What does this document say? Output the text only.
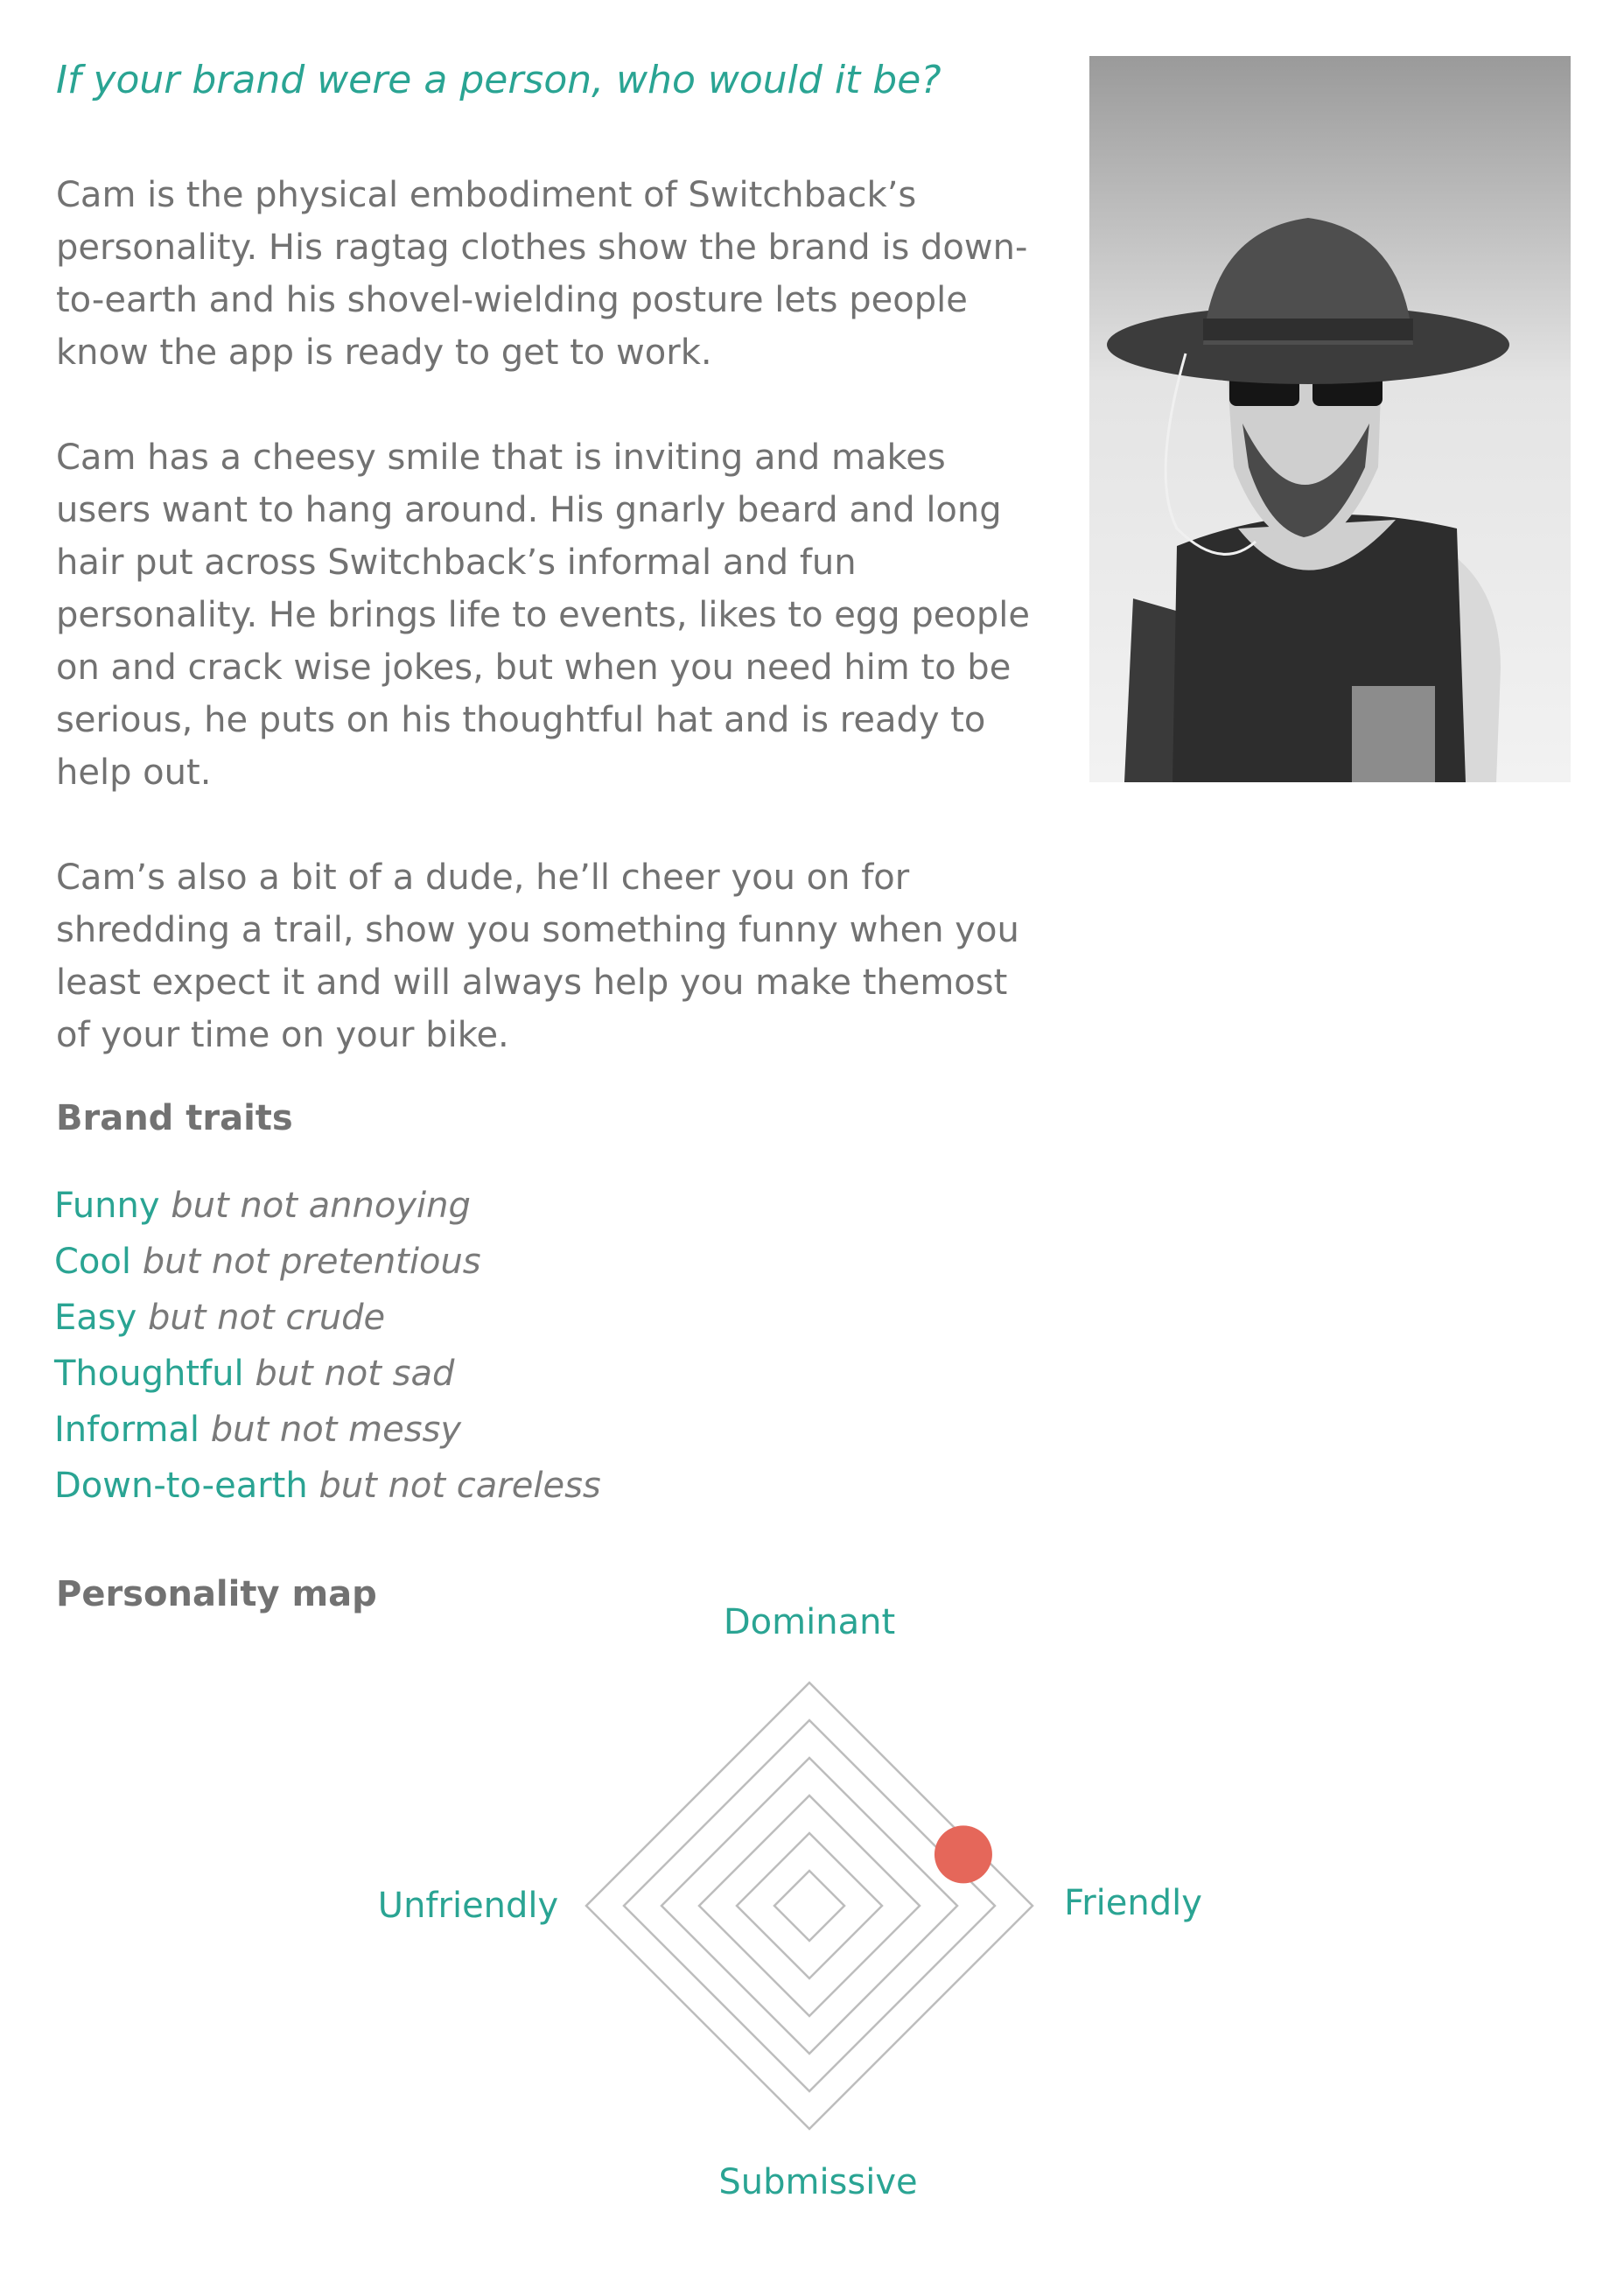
If your brand were a person, who would it be?

Cam is the physical embodiment of Switchback’s personality. His ragtag clothes show the brand is down-to-earth and his shovel-wielding posture lets people know the app is ready to get to work.

Cam has a cheesy smile that is inviting and makes users want to hang around. His gnarly beard and long hair put across Switchback’s informal and fun personality. He brings life to events, likes to egg people on and crack wise jokes, but when you need him to be serious, he puts on his thoughtful hat and is ready to help out.

Cam’s also a bit of a dude, he’ll cheer you on for shredding a trail, show you something funny when you least expect it and will always help you make themost of your time on your bike.

Brand traits
Funny but not annoying
Cool but not pretentious
Easy but not crude
Thoughtful but not sad
Informal but not messy
Down-to-earth but not careless
Personality map
Dominant
Submissive
Unfriendly	Friendly
